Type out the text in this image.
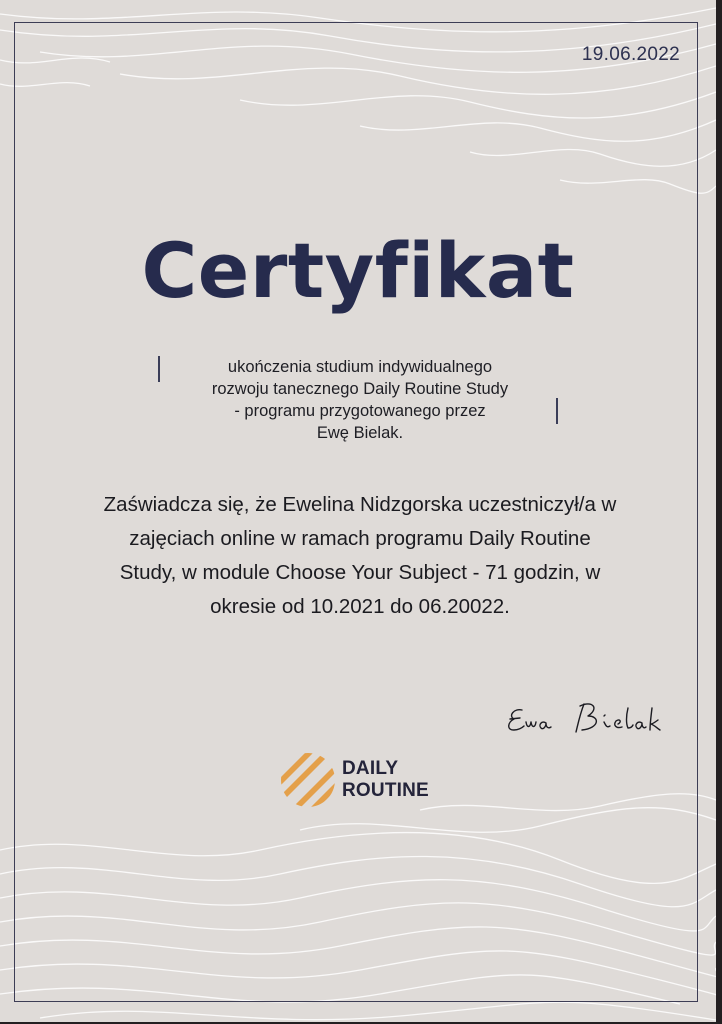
19.06.2022
Certyfikat
ukończenia studium indywidualnego
rozwoju tanecznego Daily Routine Study
- programu przygotowanego przez
Ewę Bielak.
Zaświadcza się, że Ewelina Nidzgorska uczestniczył/a w
zajęciach online w ramach programu Daily Routine
Study, w module Choose Your Subject - 71 godzin, w
okresie od 10.2021 do 06.20022.
DAILY
ROUTINE
